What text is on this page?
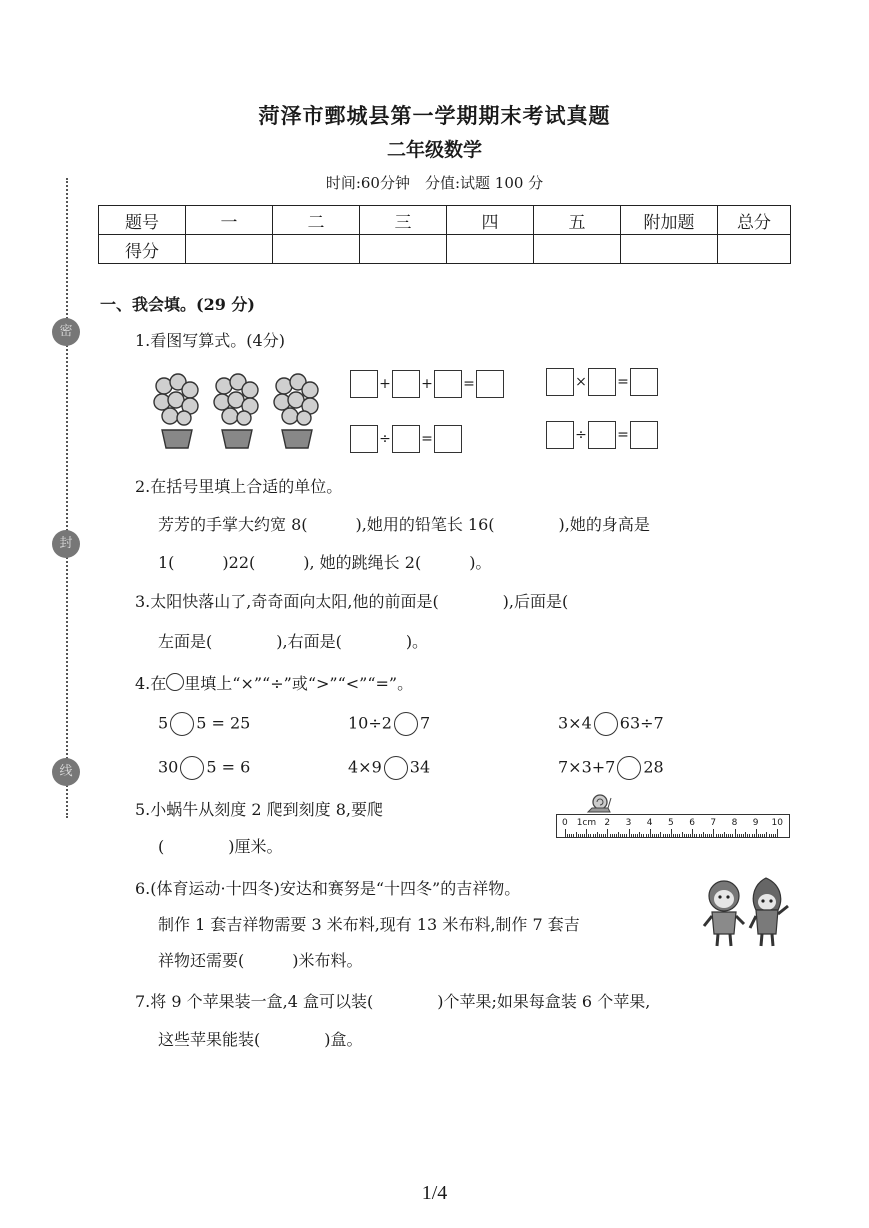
菏泽市鄄城县第一学期期末考试真题
二年级数学
时间:60分钟　分值:试题 100 分
题号	一	二	三	四	五	附加题	总分
得分							
密
封
线
一、我会填。(29 分)
1.看图写算式。(4分)
+ + =	× =
÷ =	÷ =
2.在括号里填上合适的单位。
芳芳的手掌大约宽 8(　　　),她用的铅笔长 16(　　　　),她的身高是
1(　　　)22(　　　), 她的跳绳长 2(　　　)。
3.太阳快落山了,奇奇面向太阳,他的前面是(　　　　),后面是(
左面是(　　　　),右面是(　　　　)。
4.在 里填上“×”“÷”或“>”“<”“=”。
5 5 = 25	10÷2 7	3×4 63÷7
30 5 = 6	4×9 34	7×3+7 28
5.小蜗牛从刻度 2 爬到刻度 8,要爬
(　　　　)厘米。
0 1cm 2 3 4 5 6 7 8 9 10
6.(体育运动·十四冬)安达和赛努是“十四冬”的吉祥物。
制作 1 套吉祥物需要 3 米布料,现有 13 米布料,制作 7 套吉
祥物还需要(　　　)米布料。
7.将 9 个苹果装一盒,4 盒可以装(　　　　)个苹果;如果每盒装 6 个苹果,
这些苹果能装(　　　　)盒。
1/4
